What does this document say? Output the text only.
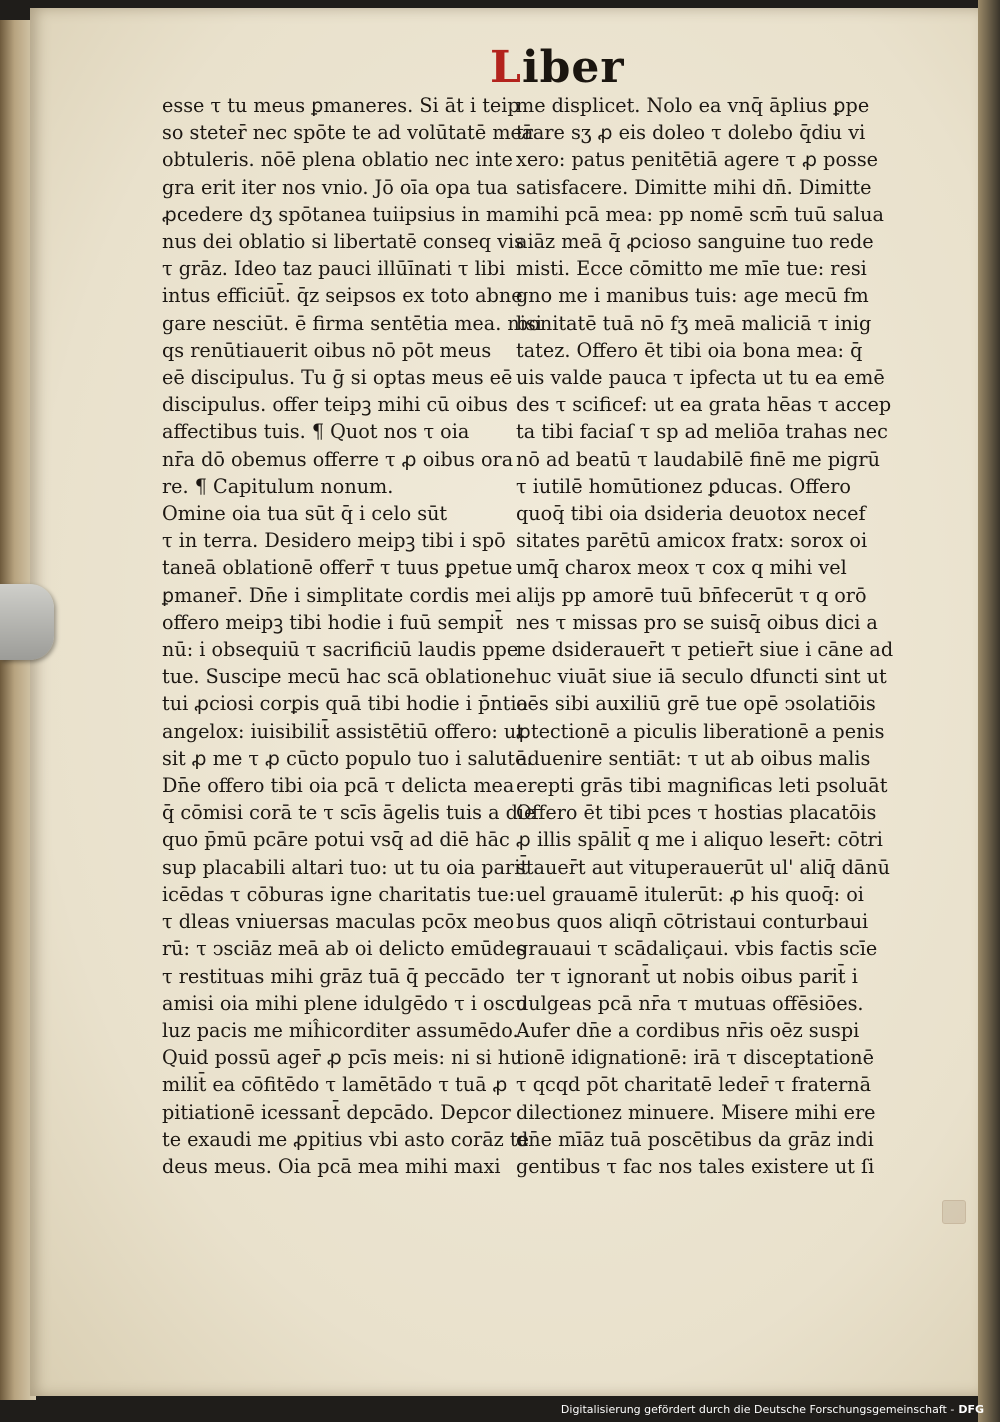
Liber
esse τ tu meus ꝑmaneres. Si āt i teip
so steter̄ nec spōte te ad volūtatē meā
obtuleris. nōē plena oblatio nec inte
gra erit iter nos vnio. Jō oīa opa tua
ꝓcedere dʒ spōtanea tuiipsius in ma
nus dei oblatio si libertatē conseq vis
τ grāz. Ideo taz pauci illūīnati τ libi
intus efficiūt̄. q̄z seipsos ex toto abne
gare nesciūt. ē firma sentētia mea. nisi
qs renūtiauerit oibus nō pōt meus
eē discipulus. Tu ḡ si optas meus eē
discipulus. offer teipꝫ mihi cū oibus
affectibus tuis. ¶ Quot nos τ oia
nr̄a dō obemus offerre τ ꝓ oibus ora
re. ¶ Capitulum nonum.
Omine oia tua sūt q̄ i celo sūt
τ in terra. Desidero meipꝫ tibi i spō
taneā oblationē offerr̄ τ tuus ꝑpetue
ꝑmaner̄. Dn̄e i simplitate cordis mei
offero meipꝫ tibi hodie i fuū sempit̄
nū: i obsequiū τ sacrificiū laudis ppe
tue. Suscipe mecū hac scā oblatione
tui ꝓciosi corꝑis quā tibi hodie i p̄ntia
angelox: iuisibilit̄ assistētiū offero: ut
sit ꝓ me τ ꝓ cūcto populo tuo i salutē.
Dn̄e offero tibi oia pcā τ delicta mea
q̄ cōmisi corā te τ scīs āgelis tuis a die
quo p̄mū pcāre potui vsq̄ ad diē hāc
sup placabili altari tuo: ut tu oia parit̄
icēdas τ cōburas igne charitatis tue:
τ dleas vniuersas maculas pcōx meo
rū: τ ↄsciāz meā ab oi delicto emūdes
τ restituas mihi grāz tuā q̄ peccādo
amisi oia mihi plene idulgēdo τ i oscu
luz pacis me miĥicorditer assumēdo.
Quid possū ager̄ ꝓ pcīs meis: ni si hu
milit̄ ea cōfitēdo τ lamētādo τ tuā ꝓ
pitiationē icessant̄ depcādo. Depcor
te exaudi me ꝓpitius vbi asto corāz te
deus meus. Oia pcā mea mihi maxi
me displicet. Nolo ea vnq̄ āplius ꝑpe
trare sʒ ꝓ eis doleo τ dolebo q̄diu vi
xero: patus penitētiā agere τ ꝓ posse
satisfacere. Dimitte mihi dn̄. Dimitte
mihi pcā mea: pp nomē scm̄ tuū salua
aiāz meā q̄ ꝓcioso sanguine tuo rede
misti. Ecce cōmitto me mīe tue: resi
gno me i manibus tuis: age mecū fm
bonitatē tuā nō fʒ meā maliciā τ inig
tatez. Offero ēt tibi oia bona mea: q̄
uis valde pauca τ ipfecta ut tu ea emē
des τ scificef: ut ea grata hēas τ accep
ta tibi faciaſ τ sp ad meliōa trahas nec
nō ad beatū τ laudabilē finē me pigrū
τ iutilē homūtionez ꝑducas. Offero
quoq̄ tibi oia dsideria deuotox necef
sitates parētū amicox fratx: sorox oi
umq̄ charox meox τ cox q mihi vel
alijs pp amorē tuū bn̄fecerūt τ q orō
nes τ missas pro se suisq̄ oibus dici a
me dsiderauer̄t τ petier̄t siue i cāne ad
huc viuāt siue iā seculo dfuncti sint ut
oēs sibi auxiliū grē tue opē ↄsolatiōis
ꝓtectionē a piculis liberationē a penis
aduenire sentiāt: τ ut ab oibus malis
erepti grās tibi magnificas leti psoluāt
Offero ēt tibi pces τ hostias placatōis
ꝓ illis spālit̄ q me i aliquo leser̄t: cōtri
stauer̄t aut vituperauerūt ul' aliq̄ dānū
uel grauamē itulerūt: ꝓ his quoq̄: oi
bus quos aliqn̄ cōtristaui conturbaui
grauaui τ scādaliçaui. vbis factis scīe
ter τ ignorant̄ ut nobis oibus parit̄ i
dulgeas pcā nr̄a τ mutuas offēsiōes.
Aufer dn̄e a cordibus nr̄is oēz suspi
tionē idignationē: irā τ disceptationē
τ qcqd pōt charitatē leder̄ τ fraternā
dilectionez minuere. Misere mihi ere
dn̄e mīāz tuā poscētibus da grāz indi
gentibus τ fac nos tales existere ut ſi
Digitalisierung gefördert durch die Deutsche Forschungsgemeinschaft - DFG
